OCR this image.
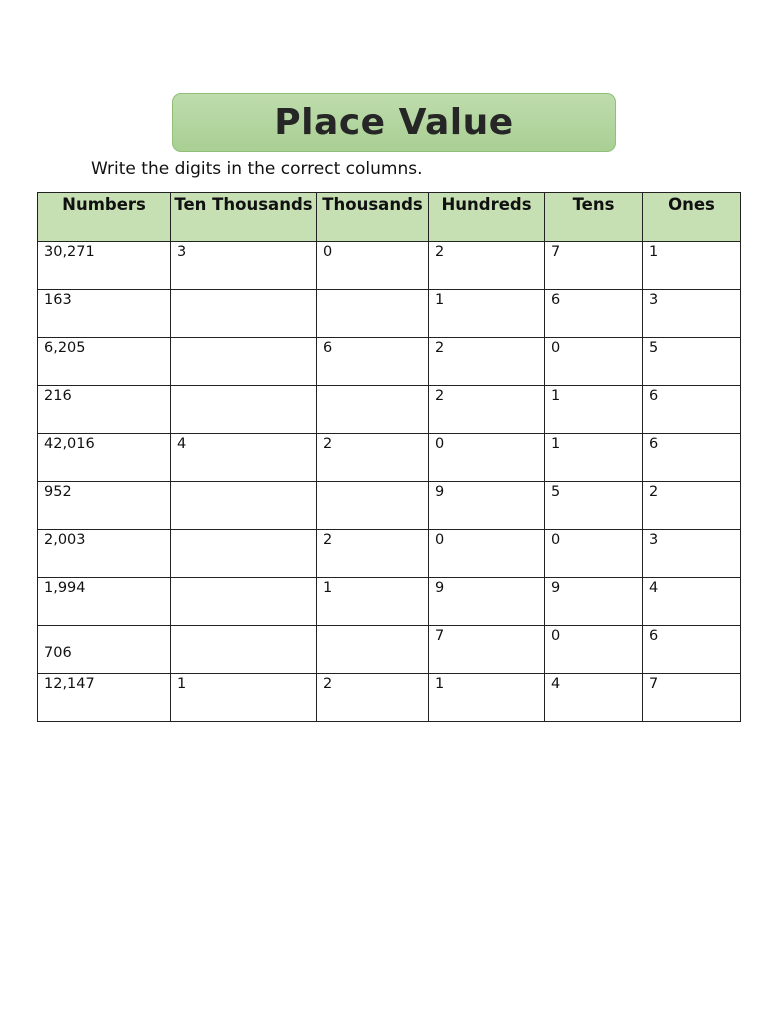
Place Value
Write the digits in the correct columns.
Numbers	Ten Thousands	Thousands	Hundreds	Tens	Ones
30,271	3	0	2	7	1
163			1	6	3
6,205		6	2	0	5
216			2	1	6
42,016	4	2	0	1	6
952			9	5	2
2,003		2	0	0	3
1,994		1	9	9	4
706			7	0	6
12,147	1	2	1	4	7
